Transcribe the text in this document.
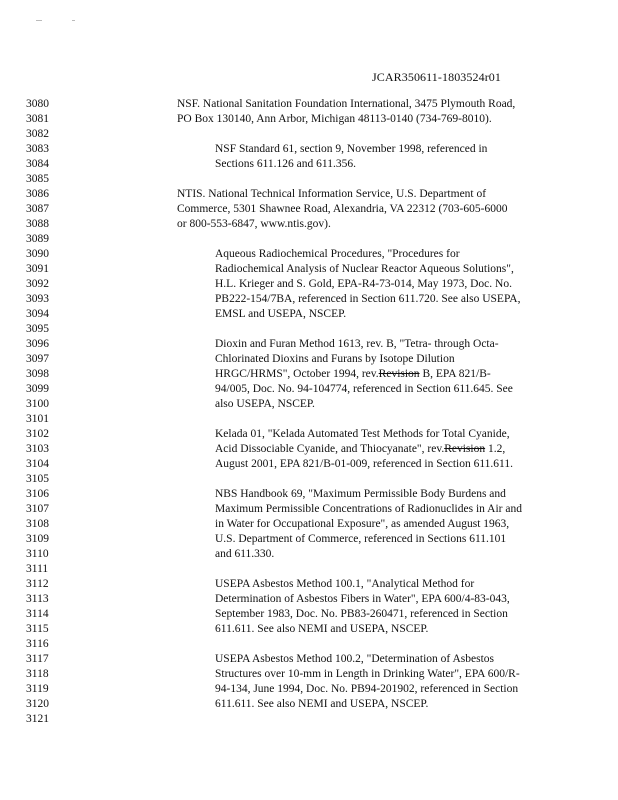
JCAR350611-1803524r01
3080
3081
3082
3083
3084
3085
3086
3087
3088
3089
3090
3091
3092
3093
3094
3095
3096
3097
3098
3099
3100
3101
3102
3103
3104
3105
3106
3107
3108
3109
3110
3111
3112
3113
3114
3115
3116
3117
3118
3119
3120
3121
NSF. National Sanitation Foundation International, 3475 Plymouth Road,
PO Box 130140, Ann Arbor, Michigan 48113-0140 (734-769-8010).
NSF Standard 61, section 9, November 1998, referenced in
Sections 611.126 and 611.356.
NTIS. National Technical Information Service, U.S. Department of
Commerce, 5301 Shawnee Road, Alexandria, VA 22312 (703-605-6000
or 800-553-6847, www.ntis.gov).
Aqueous Radiochemical Procedures, "Procedures for
Radiochemical Analysis of Nuclear Reactor Aqueous Solutions",
H.L. Krieger and S. Gold, EPA-R4-73-014, May 1973, Doc. No.
PB222-154/7BA, referenced in Section 611.720. See also USEPA,
EMSL and USEPA, NSCEP.
Dioxin and Furan Method 1613, rev. B, "Tetra- through Octa-
Chlorinated Dioxins and Furans by Isotope Dilution
HRGC/HRMS", October 1994, rev.Revision B, EPA 821/B-
94/005, Doc. No. 94-104774, referenced in Section 611.645. See
also USEPA, NSCEP.
Kelada 01, "Kelada Automated Test Methods for Total Cyanide,
Acid Dissociable Cyanide, and Thiocyanate", rev.Revision 1.2,
August 2001, EPA 821/B-01-009, referenced in Section 611.611.
NBS Handbook 69, "Maximum Permissible Body Burdens and
Maximum Permissible Concentrations of Radionuclides in Air and
in Water for Occupational Exposure", as amended August 1963,
U.S. Department of Commerce, referenced in Sections 611.101
and 611.330.
USEPA Asbestos Method 100.1, "Analytical Method for
Determination of Asbestos Fibers in Water", EPA 600/4-83-043,
September 1983, Doc. No. PB83-260471, referenced in Section
611.611. See also NEMI and USEPA, NSCEP.
USEPA Asbestos Method 100.2, "Determination of Asbestos
Structures over 10-mm in Length in Drinking Water", EPA 600/R-
94-134, June 1994, Doc. No. PB94-201902, referenced in Section
611.611. See also NEMI and USEPA, NSCEP.
